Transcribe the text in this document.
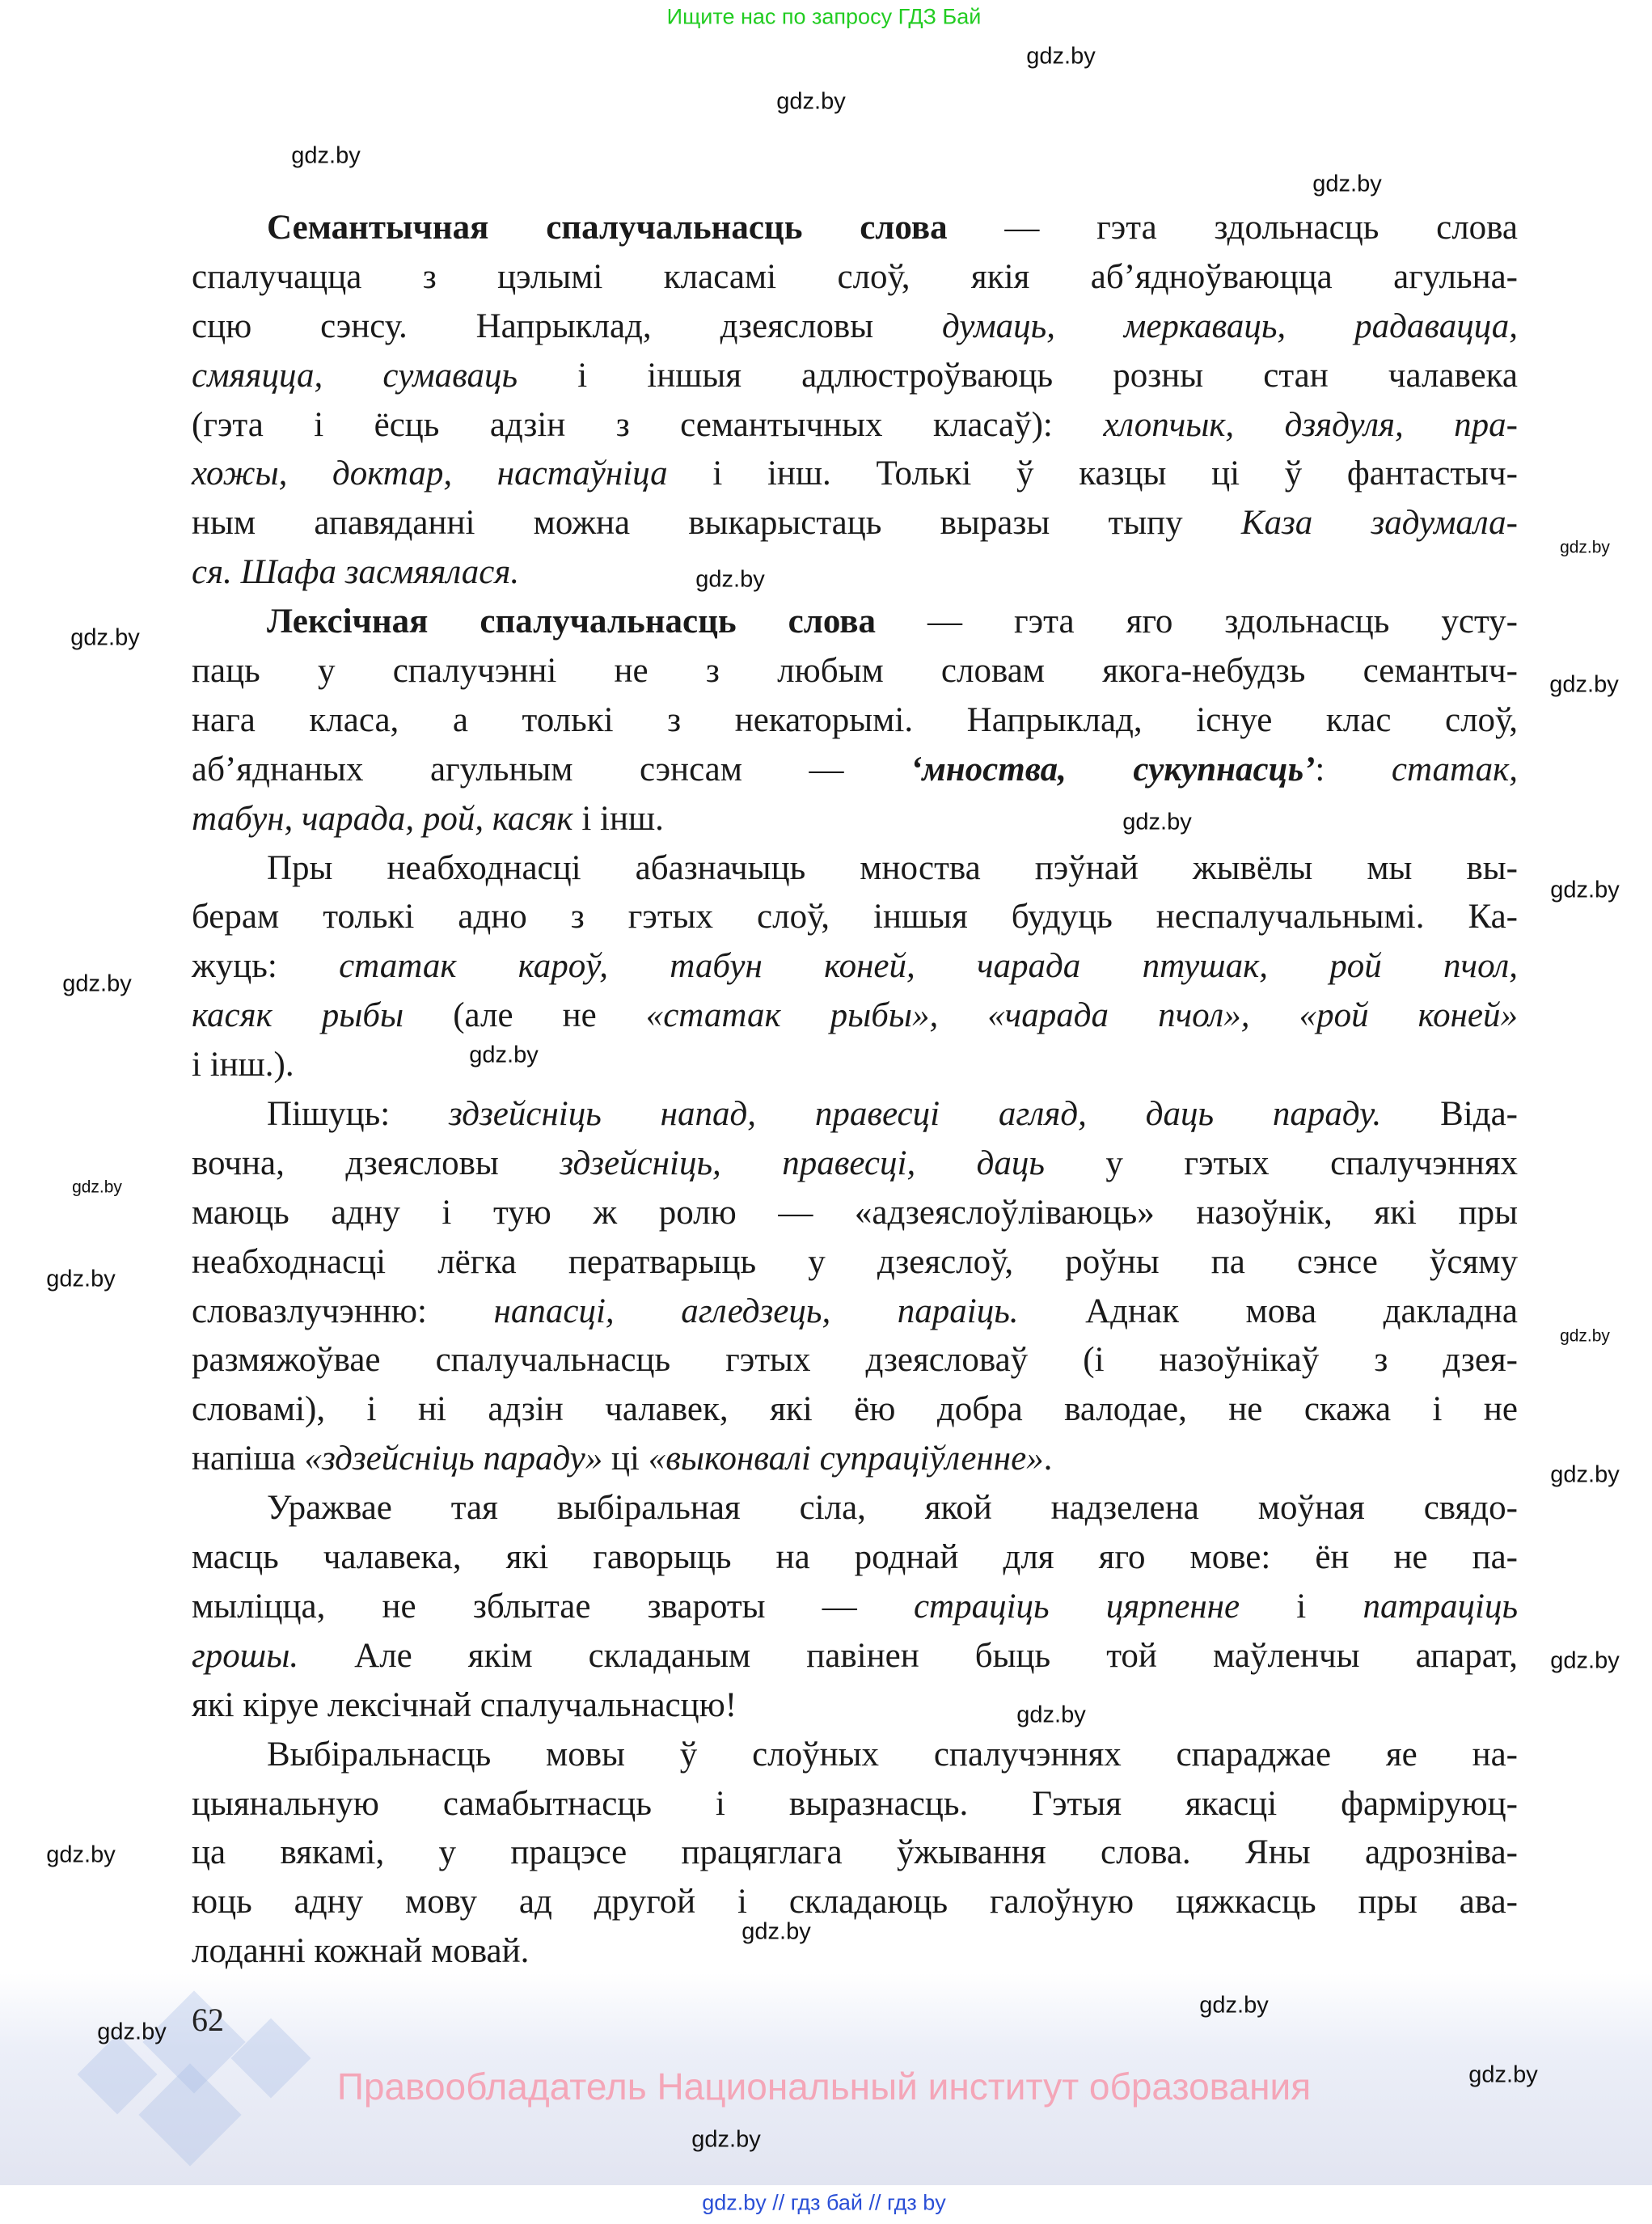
Ищите нас по запросу ГДЗ Бай
Семантычная спалучальнасць слова — гэта здольнасць слова
спалучацца з цэлымі класамі слоў, якія аб’ядноўваюцца агульна-
сцю сэнсу. Напрыклад, дзеясловы думаць, меркаваць, радавацца,
смяяцца, сумаваць і іншыя адлюстроўваюць розны стан чалавека
(гэта і ёсць адзін з семантычных класаў): хлопчык, дзядуля, пра-
хожы, доктар, настаўніца і інш. Толькі ў казцы ці ў фантастыч-
ным апавяданні можна выкарыстаць выразы тыпу Каза задумала-
ся. Шафа засмяялася.
Лексічная спалучальнасць слова — гэта яго здольнасць усту-
паць у спалучэнні не з любым словам якога-небудзь семантыч-
нага класа, а толькі з некаторымі. Напрыклад, існуе клас слоў,
аб’яднаных агульным сэнсам — ‘мноства, сукупнасць’: статак,
табун, чарада, рой, касяк і інш.
Пры неабходнасці абазначыць мноства пэўнай жывёлы мы вы-
берам толькі адно з гэтых слоў, іншыя будуць неспалучальнымі. Ка-
жуць: статак кароў, табун коней, чарада птушак, рой пчол,
касяк рыбы (але не «статак рыбы», «чарада пчол», «рой коней»
і інш.).
Пішуць: здзейсніць напад, правесці агляд, даць параду. Віда-
вочна, дзеясловы здзейсніць, правесці, даць у гэтых спалучэннях
маюць адну і тую ж ролю — «адзеяслоўліваюць» назоўнік, які пры
неабходнасці лёгка ператварыць у дзеяслоў, роўны па сэнсе ўсяму
словазлучэнню: напасці, агледзець, параіць. Аднак мова дакладна
размяжоўвае спалучальнасць гэтых дзеясловаў (і назоўнікаў з дзея-
словамі), і ні адзін чалавек, які ёю добра валодае, не скажа і не
напіша «здзейсніць параду» ці «выконвалі супраціўленне».
Уражвае тая выбіральная сіла, якой надзелена моўная свядо-
масць чалавека, які гаворыць на роднай для яго мове: ён не па-
мыліцца, не зблытае звароты — страціць цярпенне і патраціць
грошы. Але якім складаным павінен быць той маўленчы апарат,
які кіруе лексічнай спалучальнасцю!
Выбіральнасць мовы ў слоўных спалучэннях спараджае яе на-
цыянальную самабытнасць і выразнасць. Гэтыя якасці фарміруюц-
ца вякамі, у працэсе працяглага ўжывання слова. Яны адрозніва-
юць адну мову ад другой і складаюць галоўную цяжкасць пры ава-
лоданні кожнай мовай.
62
Правообладатель Национальный институт образования
gdz.by // гдз бай // гдз by
gdz.by
gdz.by
gdz.by
gdz.by
gdz.by
gdz.by
gdz.by
gdz.by
gdz.by
gdz.by
gdz.by
gdz.by
gdz.by
gdz.by
gdz.by
gdz.by
gdz.by
gdz.by
gdz.by
gdz.by
gdz.by
gdz.by
gdz.by
gdz.by
